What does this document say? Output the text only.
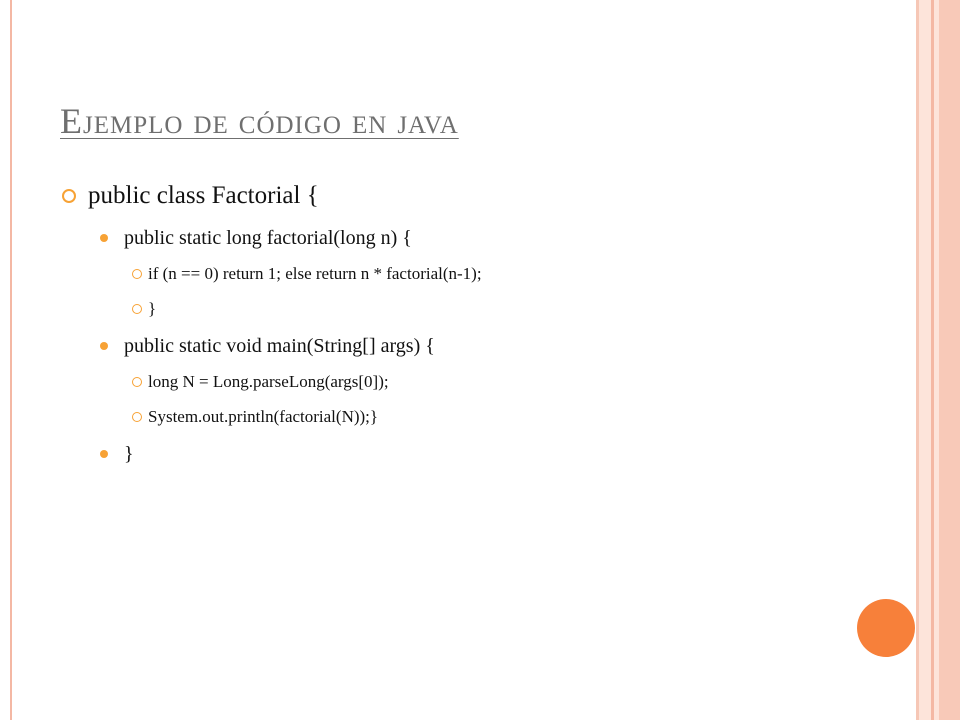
Ejemplo de código en java
public class Factorial {
public static long factorial(long n) {
if (n == 0) return 1; else return n * factorial(n-1);
}
public static void main(String[] args) {
long N = Long.parseLong(args[0]);
System.out.println(factorial(N));}
}
